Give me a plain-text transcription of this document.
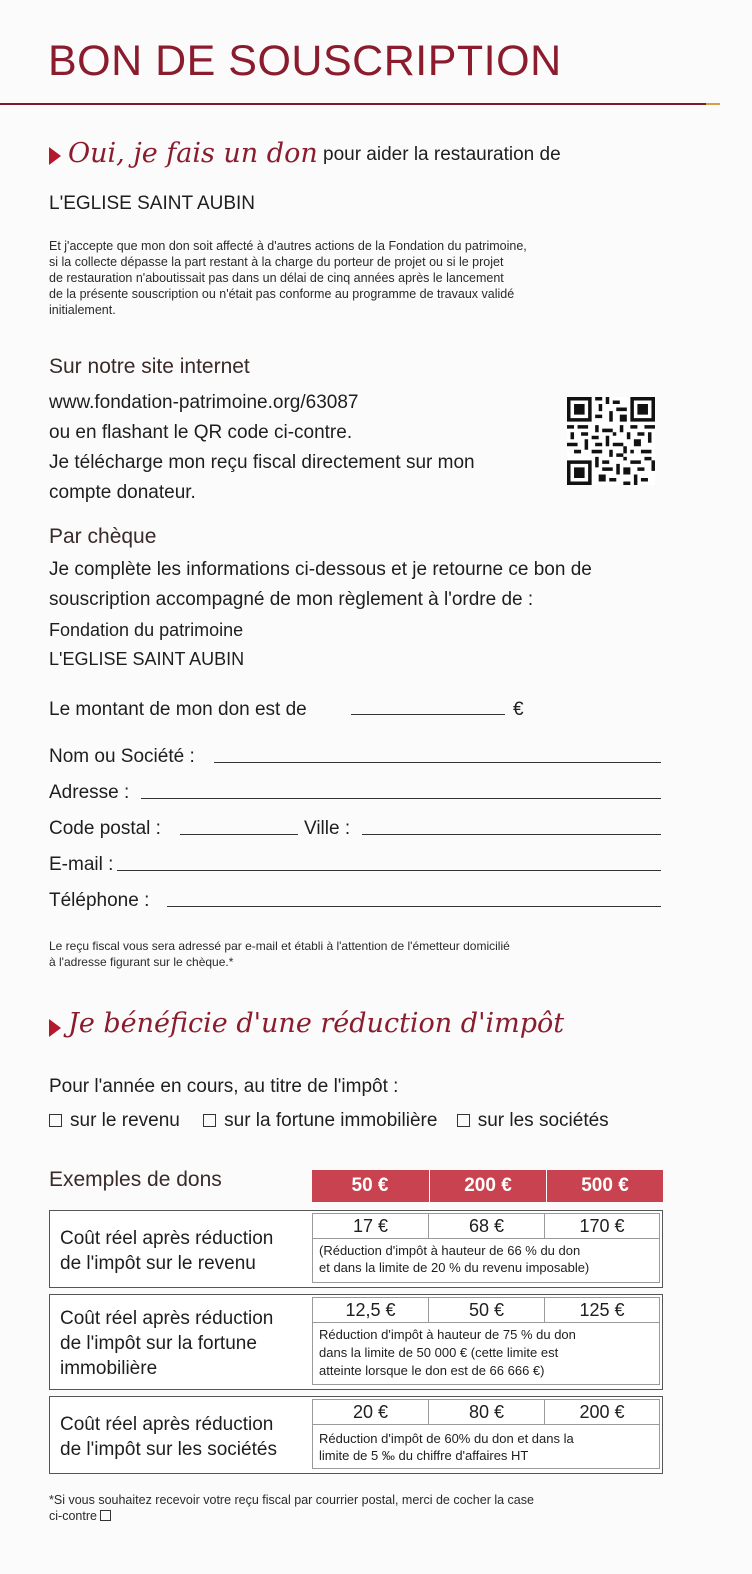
BON DE SOUSCRIPTION
Oui, je fais un don pour aider la restauration de
L'EGLISE SAINT AUBIN
Et j'accepte que mon don soit affecté à d'autres actions de la Fondation du patrimoine,
si la collecte dépasse la part restant à la charge du porteur de projet ou si le projet
de restauration n'aboutissait pas dans un délai de cinq années après le lancement
de la présente souscription ou n'était pas conforme au programme de travaux validé
initialement.
Sur notre site internet
www.fondation-patrimoine.org/63087
ou en flashant le QR code ci-contre.
Je télécharge mon reçu fiscal directement sur mon
compte donateur.
Par chèque
Je complète les informations ci-dessous et je retourne ce bon de
souscription accompagné de mon règlement à l'ordre de :
Fondation du patrimoine
L'EGLISE SAINT AUBIN
Le montant de mon don est de	€
Nom ou Société :
Adresse :
Code postal :	Ville :
E-mail :
Téléphone :
Le reçu fiscal vous sera adressé par e-mail et établi à l'attention de l'émetteur domicilié
à l'adresse figurant sur le chèque.*
Je bénéficie d'une réduction d'impôt
Pour l'année en cours, au titre de l'impôt :
sur le revenu sur la fortune immobilière sur les sociétés
Exemples de dons	50 €	200 €	500 €
Coût réel après réduction
de l'impôt sur le revenu
17 €	68 €	170 €
(Réduction d'impôt à hauteur de 66 % du don
et dans la limite de 20 % du revenu imposable)
Coût réel après réduction
de l'impôt sur la fortune
immobilière
12,5 €	50 €	125 €
Réduction d'impôt à hauteur de 75 % du don
dans la limite de 50 000 € (cette limite est
atteinte lorsque le don est de 66 666 €)
Coût réel après réduction
de l'impôt sur les sociétés
20 €	80 €	200 €
Réduction d'impôt de 60% du don et dans la
limite de 5 ‰ du chiffre d'affaires HT
*Si vous souhaitez recevoir votre reçu fiscal par courrier postal, merci de cocher la case
ci-contre
